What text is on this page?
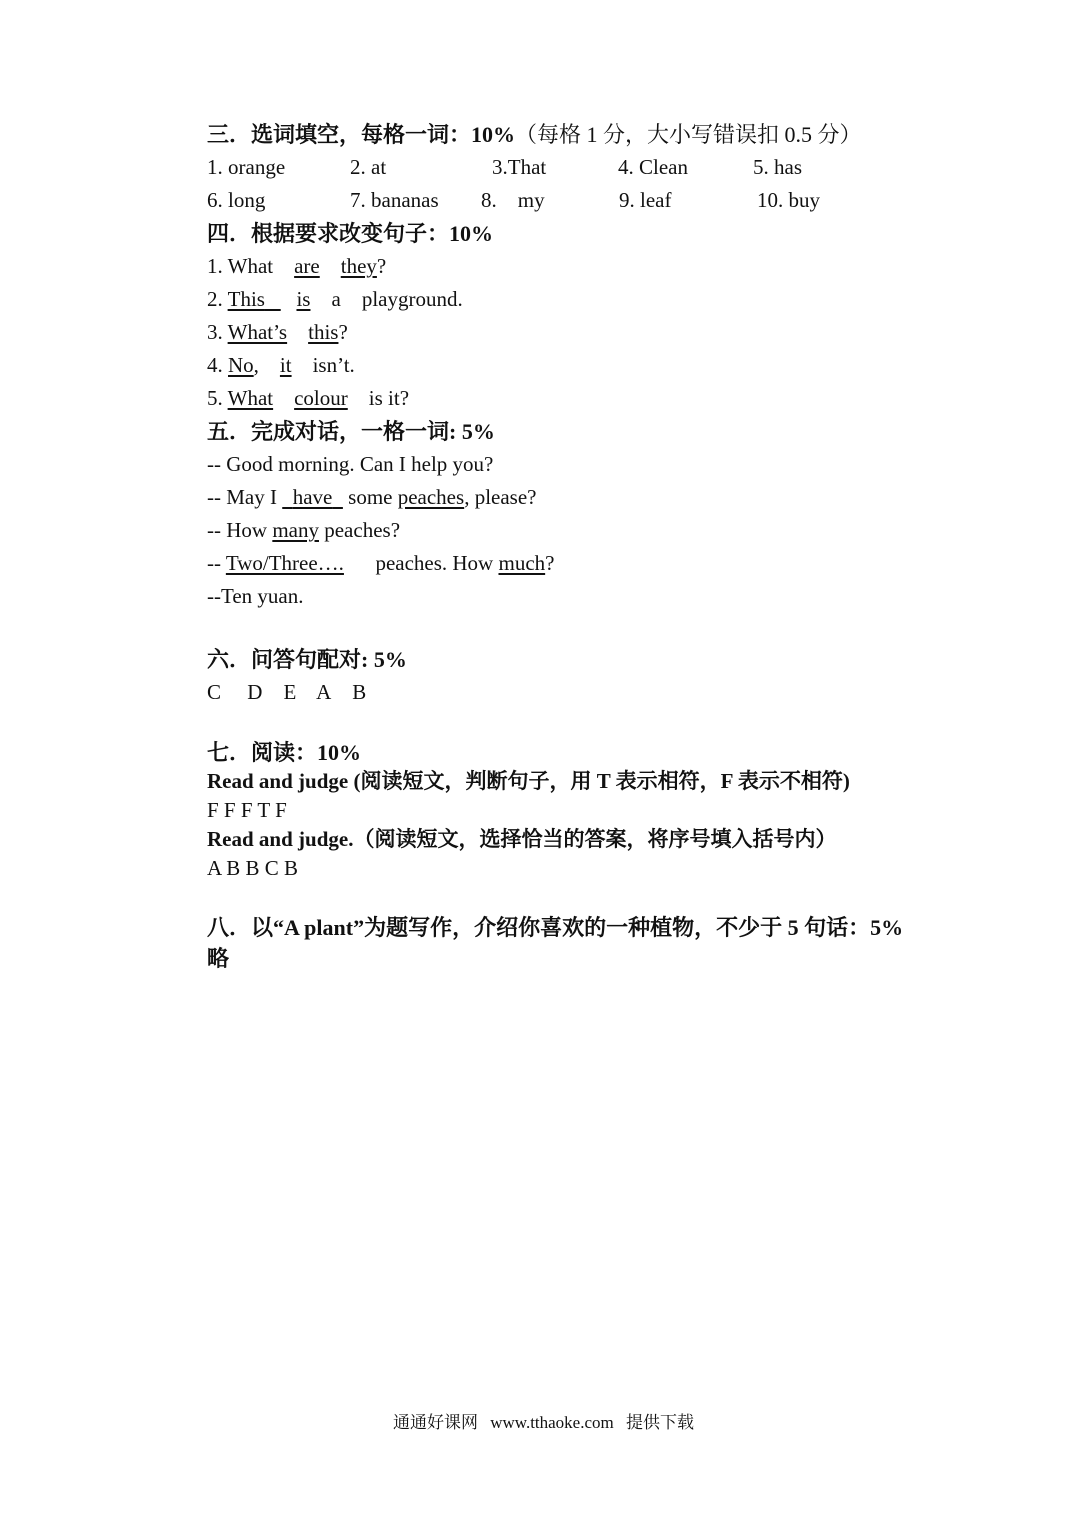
三．选词填空，每格一词：10%（每格 1 分，大小写错误扣 0.5 分）
1. orange	2. at	3.That	4. Clean	5. has
6. long	7. bananas	8.    my	9. leaf	10. buy
四．根据要求改变句子：10%
1. What are they?
2. This is a playground.
3. What’s this?
4. No, it isn’t.
5. What colour is it?
五．完成对话，一格一词: 5%
-- Good morning. Can I help you?
-- May I   have   some peaches, please?
-- How many peaches?
-- Two/Three…. peaches. How much?
--Ten yuan.
六．问答句配对: 5%
C D E A B
七．阅读：10%
Read and judge (阅读短文，判断句子，用 T 表示相符，F 表示不相符)
F F F T F
Read and judge.（阅读短文，选择恰当的答案，将序号填入括号内）
A B B C B
八．以“A plant”为题写作，介绍你喜欢的一种植物，不少于 5 句话：5%
略
通通好课网 www.tthaoke.com 提供下载
